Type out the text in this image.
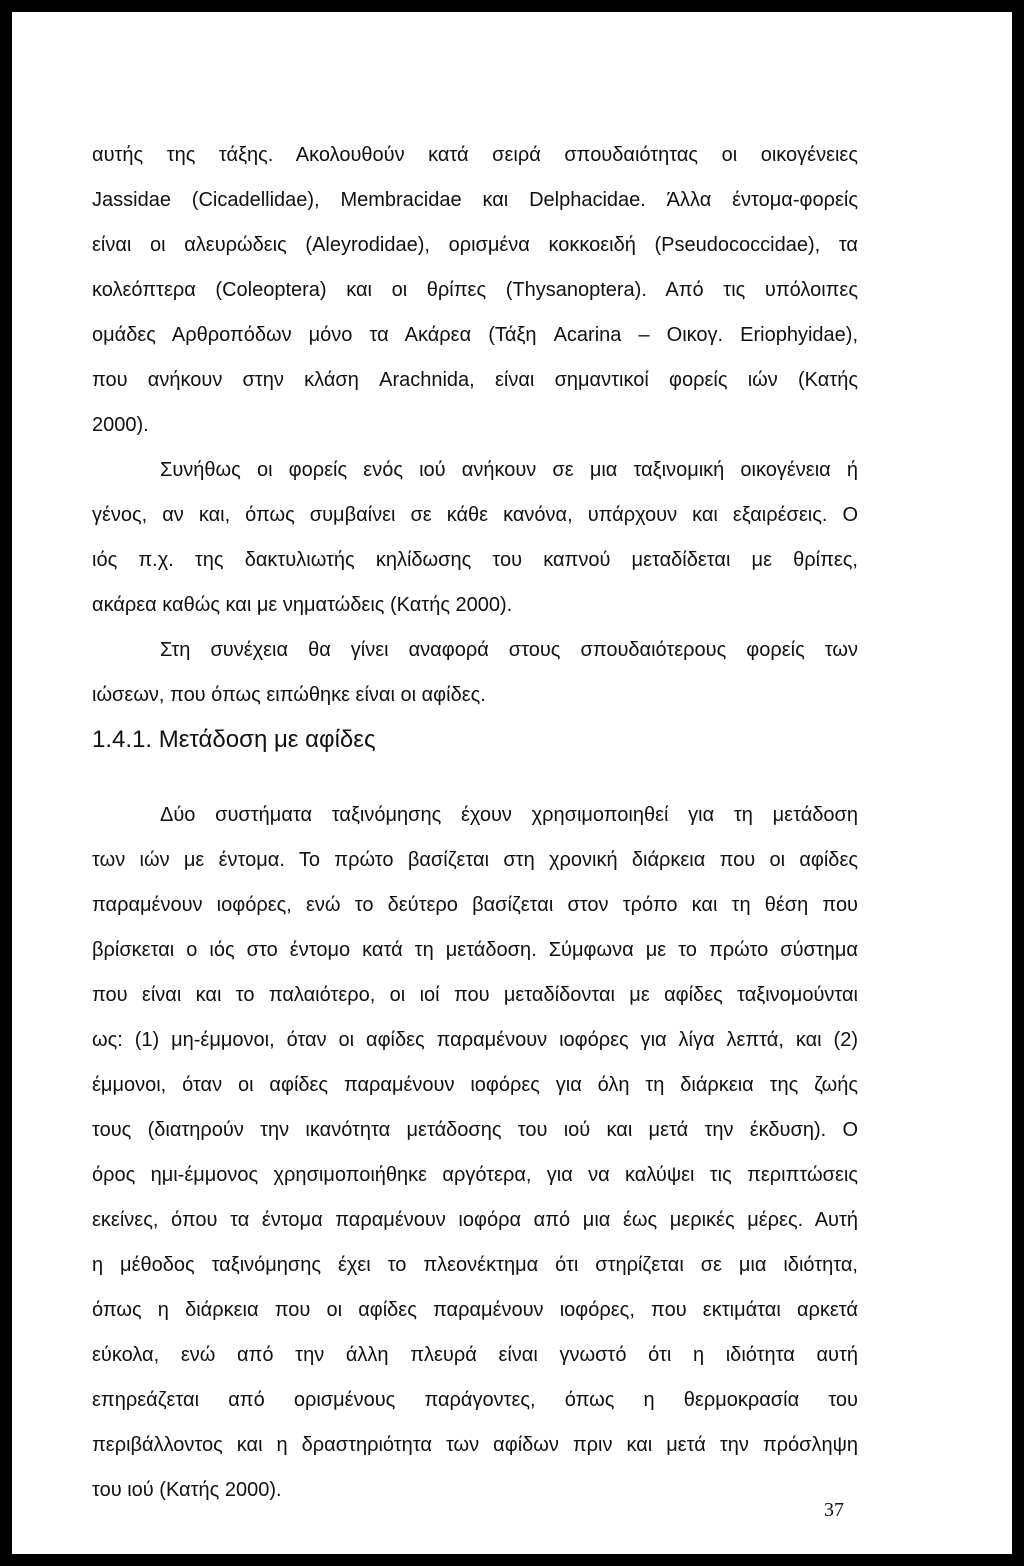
αυτής της τάξης. Ακολουθούν κατά σειρά σπουδαιότητας οι οικογένειες
Jassidae (Cicadellidae), Membracidae και Delphacidae. Άλλα έντομα-φορείς
είναι οι αλευρώδεις (Aleyrodidae), ορισμένα κοκκοειδή (Pseudococcidae), τα
κολεόπτερα (Coleoptera) και οι θρίπες (Thysanoptera). Από τις υπόλοιπες
ομάδες Αρθροπόδων μόνο τα Ακάρεα (Τάξη Acarina – Οικογ. Eriophyidae),
που ανήκουν στην κλάση Arachnida, είναι σημαντικοί φορείς ιών (Κατής
2000).
Συνήθως οι φορείς ενός ιού ανήκουν σε μια ταξινομική οικογένεια ή
γένος, αν και, όπως συμβαίνει σε κάθε κανόνα, υπάρχουν και εξαιρέσεις. Ο
ιός π.χ. της δακτυλιωτής κηλίδωσης του καπνού μεταδίδεται με θρίπες,
ακάρεα καθώς και με νηματώδεις (Κατής 2000).
Στη συνέχεια θα γίνει αναφορά στους σπουδαιότερους φορείς των
ιώσεων, που όπως ειπώθηκε είναι οι αφίδες.
1.4.1. Μετάδοση με αφίδες
Δύο συστήματα ταξινόμησης έχουν χρησιμοποιηθεί για τη μετάδοση
των ιών με έντομα. Το πρώτο βασίζεται στη χρονική διάρκεια που οι αφίδες
παραμένουν ιοφόρες, ενώ το δεύτερο βασίζεται στον τρόπο και τη θέση που
βρίσκεται ο ιός στο έντομο κατά τη μετάδοση. Σύμφωνα με το πρώτο σύστημα
που είναι και το παλαιότερο, οι ιοί που μεταδίδονται με αφίδες ταξινομούνται
ως: (1) μη-έμμονοι, όταν οι αφίδες παραμένουν ιοφόρες για λίγα λεπτά, και (2)
έμμονοι, όταν οι αφίδες παραμένουν ιοφόρες για όλη τη διάρκεια της ζωής
τους (διατηρούν την ικανότητα μετάδοσης του ιού και μετά την έκδυση). Ο
όρος ημι-έμμονος χρησιμοποιήθηκε αργότερα, για να καλύψει τις περιπτώσεις
εκείνες, όπου τα έντομα παραμένουν ιοφόρα από μια έως μερικές μέρες. Αυτή
η μέθοδος ταξινόμησης έχει το πλεονέκτημα ότι στηρίζεται σε μια ιδιότητα,
όπως η διάρκεια που οι αφίδες παραμένουν ιοφόρες, που εκτιμάται αρκετά
εύκολα, ενώ από την άλλη πλευρά είναι γνωστό ότι η ιδιότητα αυτή
επηρεάζεται από ορισμένους παράγοντες, όπως η θερμοκρασία του
περιβάλλοντος και η δραστηριότητα των αφίδων πριν και μετά την πρόσληψη
του ιού (Κατής 2000).
37
